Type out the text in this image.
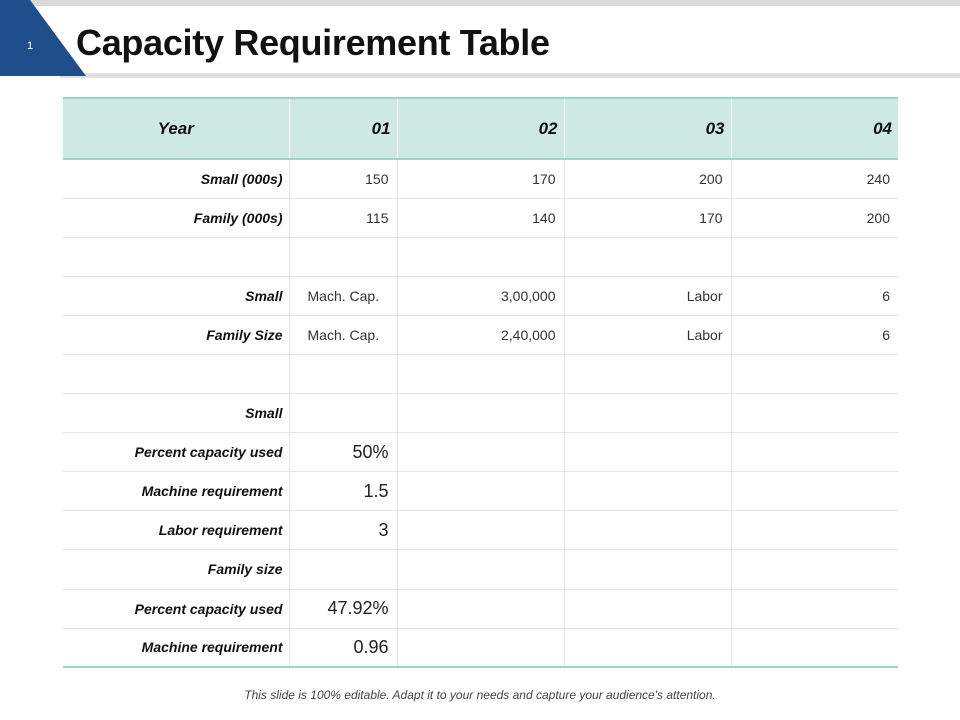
1 Capacity Requirement Table
Year	01	02	03	04
Small (000s)	150	170	200	240
Family (000s)	115	140	170	200

Small	Mach. Cap.	3,00,000	Labor	6
Family Size	Mach. Cap.	2,40,000	Labor	6

Small				
Percent capacity used	50%			
Machine requirement	1.5			
Labor requirement	3			
Family size				
Percent capacity used	47.92%			
Machine requirement	0.96			

This slide is 100% editable. Adapt it to your needs and capture your audience's attention.
